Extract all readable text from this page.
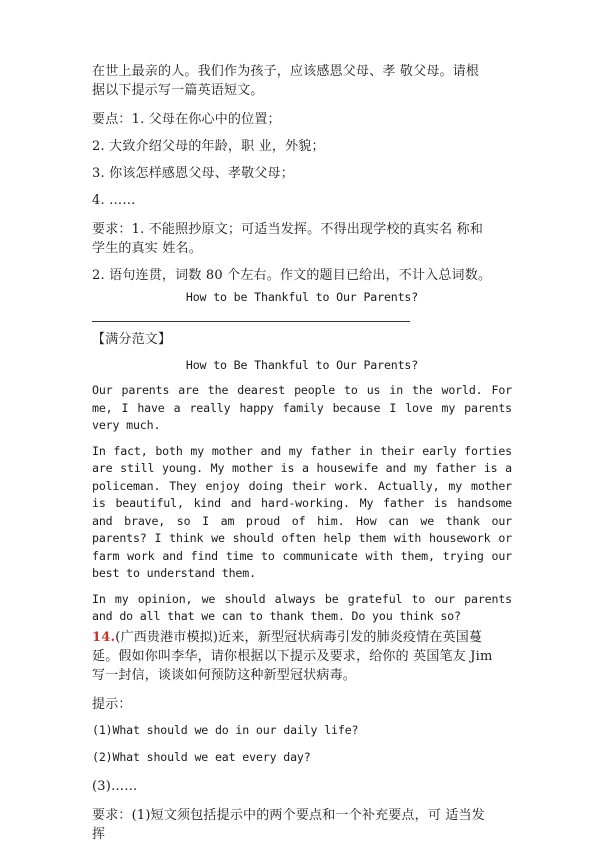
在世上最亲的人。我们作为孩子，应该感恩父母、孝 敬父母。请根

据以下提示写一篇英语短文。

要点：1. 父母在你心中的位置；

2. 大致介绍父母的年龄，职 业，外貌；

3. 你该怎样感恩父母、孝敬父母；

4. ……

要求：1. 不能照抄原文；可适当发挥。不得出现学校的真实名 称和

学生的真实 姓名。

2. 语句连贯，词数 80 个左右。作文的题目已给出，不计入总词数。

How to be Thankful to Our Parents?

【满分范文】

How to Be Thankful to Our Parents?

Our parents are the dearest people to us in the world. For me, I have a really happy family because I love my parents very much.

In fact, both my mother and my father in their early forties are still young. My mother is a housewife and my father is a policeman. They enjoy doing their work. Actually, my mother is beautiful, kind and hard-working. My father is handsome and brave, so I am proud of him. How can we thank our parents? I think we should often help them with housework or farm work and find time to communicate with them, trying our best to understand them.

In my opinion, we should always be grateful to our parents and do all that we can to thank them. Do you think so?

14.(广西贵港市模拟)近来，新型冠状病毒引发的肺炎疫情在英国蔓

延。假如你叫李华，请你根据以下提示及要求，给你的 英国笔友 Jim

写一封信，谈谈如何预防这种新型冠状病毒。

提示：

(1)What should we do in our daily life?

(2)What should we eat every day?

(3)……

要求：(1)短文须包括提示中的两个要点和一个补充要点，可 适当发

挥
